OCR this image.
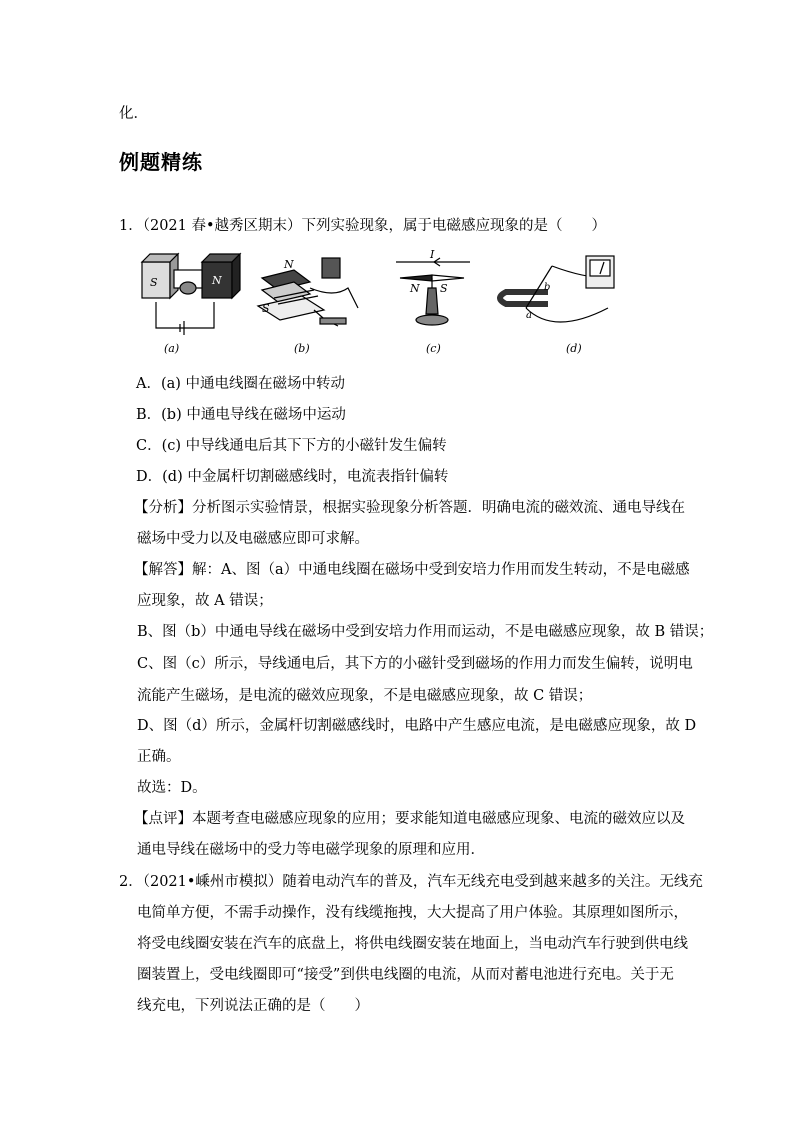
化．
例题精练
1．（2021 春•越秀区期末）下列实验现象，属于电磁感应现象的是（　　）
S	N
N
S
I
N S
a
b
(a)	(b)	(c)	(d)
A．(a) 中通电线圈在磁场中转动
B．(b) 中通电导线在磁场中运动
C．(c) 中导线通电后其下下方的小磁针发生偏转
D．(d) 中金属杆切割磁感线时，电流表指针偏转
【分析】分析图示实验情景，根据实验现象分析答题．明确电流的磁效流、通电导线在
磁场中受力以及电磁感应即可求解。
【解答】解：A、图（a）中通电线圈在磁场中受到安培力作用而发生转动，不是电磁感
应现象，故 A 错误；
B、图（b）中通电导线在磁场中受到安培力作用而运动，不是电磁感应现象，故 B 错误；
C、图（c）所示，导线通电后，其下方的小磁针受到磁场的作用力而发生偏转，说明电
流能产生磁场，是电流的磁效应现象，不是电磁感应现象，故 C 错误；
D、图（d）所示，金属杆切割磁感线时，电路中产生感应电流，是电磁感应现象，故 D
正确。
故选：D。
【点评】本题考查电磁感应现象的应用；要求能知道电磁感应现象、电流的磁效应以及
通电导线在磁场中的受力等电磁学现象的原理和应用．
2．（2021•嵊州市模拟）随着电动汽车的普及，汽车无线充电受到越来越多的关注。无线充
电简单方便，不需手动操作，没有线缆拖拽，大大提高了用户体验。其原理如图所示，
将受电线圈安装在汽车的底盘上，将供电线圈安装在地面上，当电动汽车行驶到供电线
圈装置上，受电线圈即可“接受”到供电线圈的电流，从而对蓄电池进行充电。关于无
线充电，下列说法正确的是（　　）
